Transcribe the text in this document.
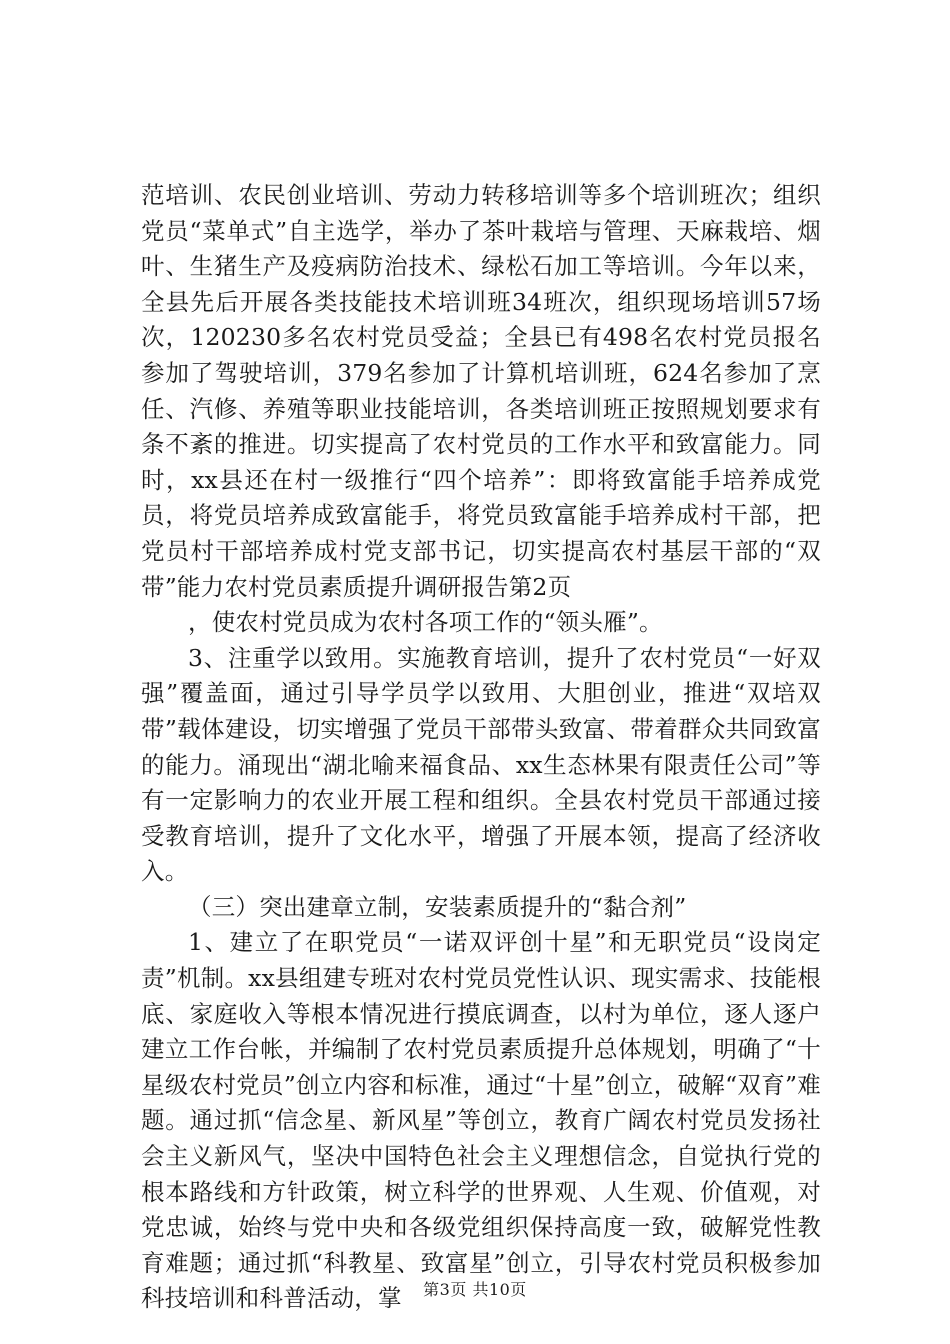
范培训、农民创业培训、劳动力转移培训等多个培训班次；组织党员“菜单式”自主选学，举办了茶叶栽培与管理、天麻栽培、烟叶、生猪生产及疫病防治技术、绿松石加工等培训。今年以来，全县先后开展各类技能技术培训班34班次，组织现场培训57场次，120230多名农村党员受益；全县已有498名农村党员报名参加了驾驶培训，379名参加了计算机培训班，624名参加了烹任、汽修、养殖等职业技能培训，各类培训班正按照规划要求有条不紊的推进。切实提高了农村党员的工作水平和致富能力。同时，xx县还在村一级推行“四个培养”：即将致富能手培养成党员，将党员培养成致富能手，将党员致富能手培养成村干部，把党员村干部培养成村党支部书记，切实提高农村基层干部的“双带”能力农村党员素质提升调研报告第2页

，使农村党员成为农村各项工作的“领头雁”。

3、注重学以致用。实施教育培训，提升了农村党员“一好双强”覆盖面，通过引导学员学以致用、大胆创业，推进“双培双带”载体建设，切实增强了党员干部带头致富、带着群众共同致富的能力。涌现出“湖北喻来福食品、xx生态林果有限责任公司”等有一定影响力的农业开展工程和组织。全县农村党员干部通过接受教育培训，提升了文化水平，增强了开展本领，提高了经济收入。

（三）突出建章立制，安装素质提升的“黏合剂”

1、建立了在职党员“一诺双评创十星”和无职党员“设岗定责”机制。xx县组建专班对农村党员党性认识、现实需求、技能根底、家庭收入等根本情况进行摸底调查，以村为单位，逐人逐户建立工作台帐，并编制了农村党员素质提升总体规划，明确了“十星级农村党员”创立内容和标准，通过“十星”创立，破解“双育”难题。通过抓“信念星、新风星”等创立，教育广阔农村党员发扬社会主义新风气，坚决中国特色社会主义理想信念，自觉执行党的根本路线和方针政策，树立科学的世界观、人生观、价值观，对党忠诚，始终与党中央和各级党组织保持高度一致，破解党性教育难题；通过抓“科教星、致富星”创立，引导农村党员积极参加科技培训和科普活动，掌	第3页 共10页
